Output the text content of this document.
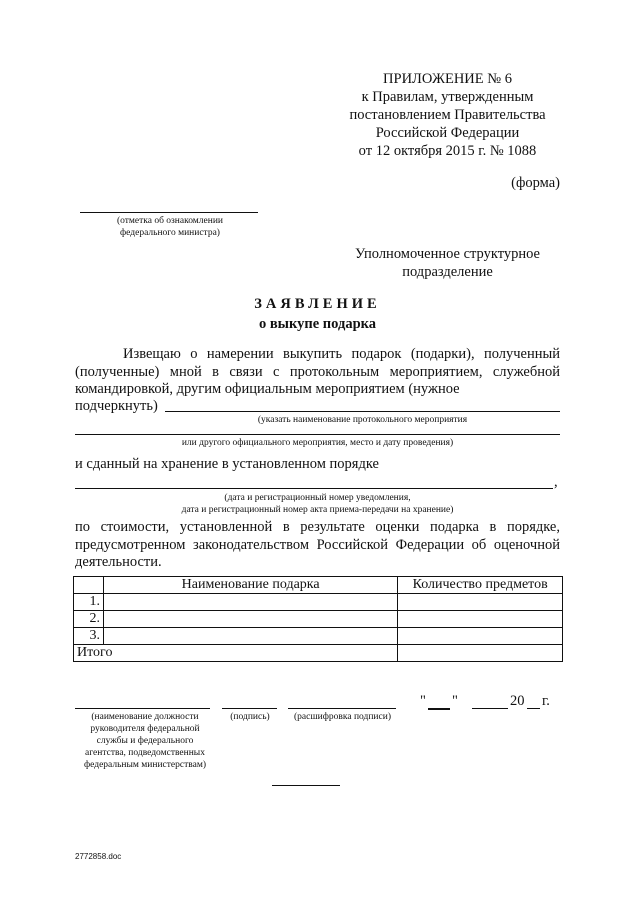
ПРИЛОЖЕНИЕ № 6
к Правилам, утвержденным
постановлением Правительства
Российской Федерации
от 12 октября 2015 г. № 1088
(форма)
(отметка об ознакомлении
федерального министра)
Уполномоченное структурное
подразделение
ЗАЯВЛЕНИЕ
о выкупе подарка
Извещаю о намерении выкупить подарок (подарки), полученный (полученные) мной в связи с протокольным мероприятием, служебной командировкой, другим официальным мероприятием (нужное
подчеркнуть)
(указать наименование протокольного мероприятия
или другого официального мероприятия, место и дату проведения)
и сданный на хранение в установленном порядке
,
(дата и регистрационный номер уведомления,
дата и регистрационный номер акта приема-передачи на хранение)
по стоимости, установленной в результате оценки подарка в порядке, предусмотренном законодательством Российской Федерации об оценочной деятельности.
	Наименование подарка	Количество предметов
1.		
2.		
3.		
Итого		
(наименование должности
руководителя федеральной
службы и федерального
агентства, подведомственных
федеральным министерствам)
(подпись)	(расшифровка подписи)
" "	20 г.
2772858.doc
